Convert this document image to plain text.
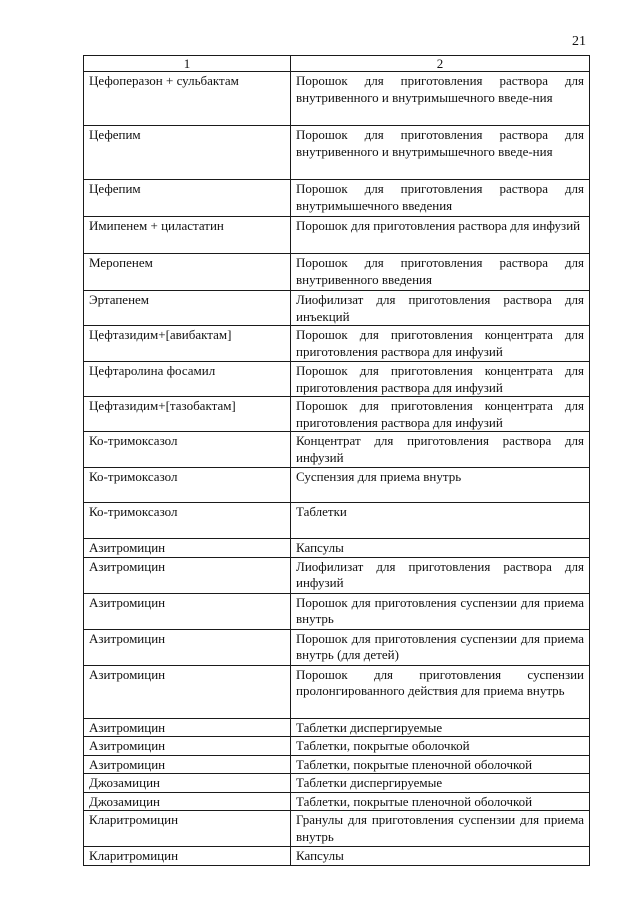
21
1	2
Цефоперазон + сульбактам	Порошок для приготовления раствора для внутривенного и внутримышечного введе-ния
Цефепим	Порошок для приготовления раствора для внутривенного и внутримышечного введе-ния
Цефепим	Порошок для приготовления раствора для внутримышечного введения
Имипенем + циластатин	Порошок для приготовления раствора для инфузий
Меропенем	Порошок для приготовления раствора для внутривенного введения
Эртапенем	Лиофилизат для приготовления раствора для инъекций
Цефтазидим+[авибактам]	Порошок для приготовления концентрата для приготовления раствора для инфузий
Цефтаролина фосамил	Порошок для приготовления концентрата для приготовления раствора для инфузий
Цефтазидим+[тазобактам]	Порошок для приготовления концентрата для приготовления раствора для инфузий
Ко-тримоксазол	Концентрат для приготовления раствора для инфузий
Ко-тримоксазол	Суспензия для приема внутрь
Ко-тримоксазол	Таблетки
Азитромицин	Капсулы
Азитромицин	Лиофилизат для приготовления раствора для инфузий
Азитромицин	Порошок для приготовления суспензии для приема внутрь
Азитромицин	Порошок для приготовления суспензии для приема внутрь (для детей)
Азитромицин	Порошок для приготовления суспензии пролонгированного действия для приема внутрь
Азитромицин	Таблетки диспергируемые
Азитромицин	Таблетки, покрытые оболочкой
Азитромицин	Таблетки, покрытые пленочной оболочкой
Джозамицин	Таблетки диспергируемые
Джозамицин	Таблетки, покрытые пленочной оболочкой
Кларитромицин	Гранулы для приготовления суспензии для приема внутрь
Кларитромицин	Капсулы
